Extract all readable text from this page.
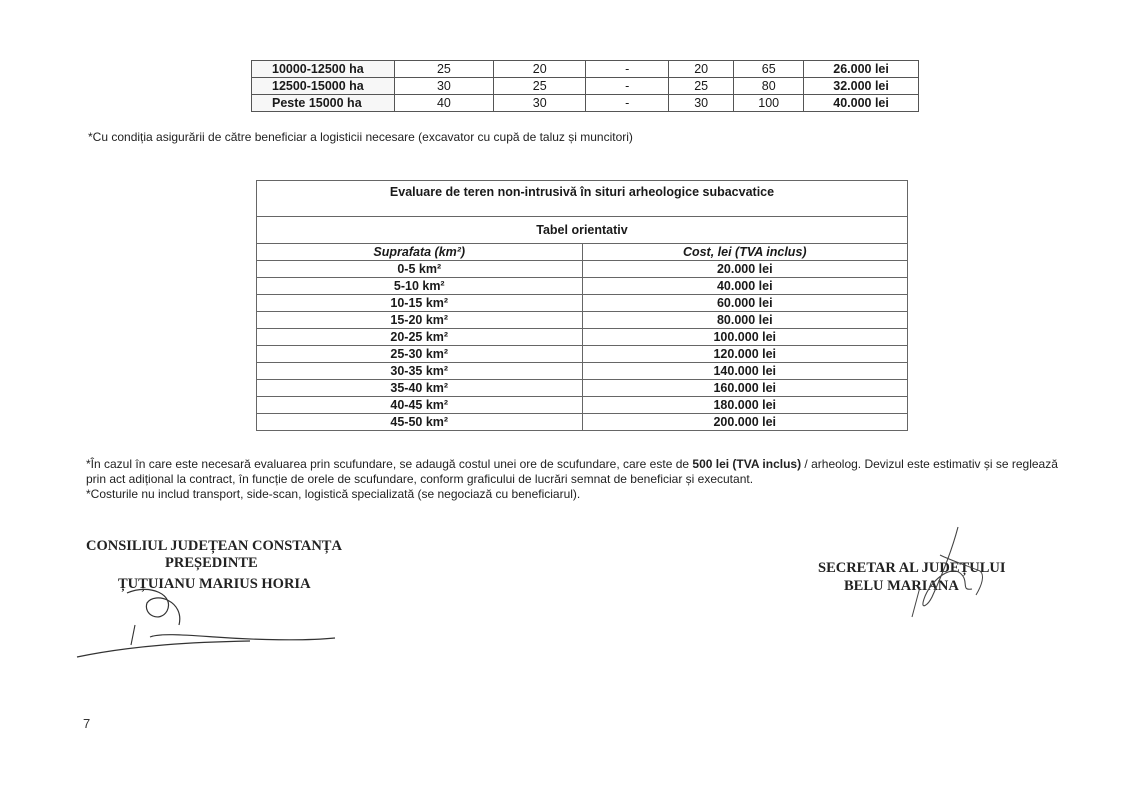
10000-12500 ha	25	20	-	20	65	26.000 lei
12500-15000 ha	30	25	-	25	80	32.000 lei
Peste 15000 ha	40	30	-	30	100	40.000 lei
*Cu condiția asigurării de către beneficiar a logisticii necesare (excavator cu cupă de taluz și muncitori)
Evaluare de teren non-intrusivă în situri arheologice subacvatice	
Tabel orientativ	
Suprafata (km²)	Cost, lei (TVA inclus)
0-5 km²	20.000 lei
5-10 km²	40.000 lei
10-15 km²	60.000 lei
15-20 km²	80.000 lei
20-25 km²	100.000 lei
25-30 km²	120.000 lei
30-35 km²	140.000 lei
35-40 km²	160.000 lei
40-45 km²	180.000 lei
45-50 km²	200.000 lei
*În cazul în care este necesară evaluarea prin scufundare, se adaugă costul unei ore de scufundare, care este de 500 lei (TVA inclus) / arheolog. Devizul este estimativ și se reglează prin act adițional la contract, în funcție de orele de scufundare, conform graficului de lucrări semnat de beneficiar și executant.
*Costurile nu includ transport, side-scan, logistică specializată (se negociază cu beneficiarul).
CONSILIUL JUDEȚEAN CONSTANȚA
PREȘEDINTE
ȚUȚUIANU MARIUS HORIA
SECRETAR AL JUDEȚULUI
BELU MARIANA
7
